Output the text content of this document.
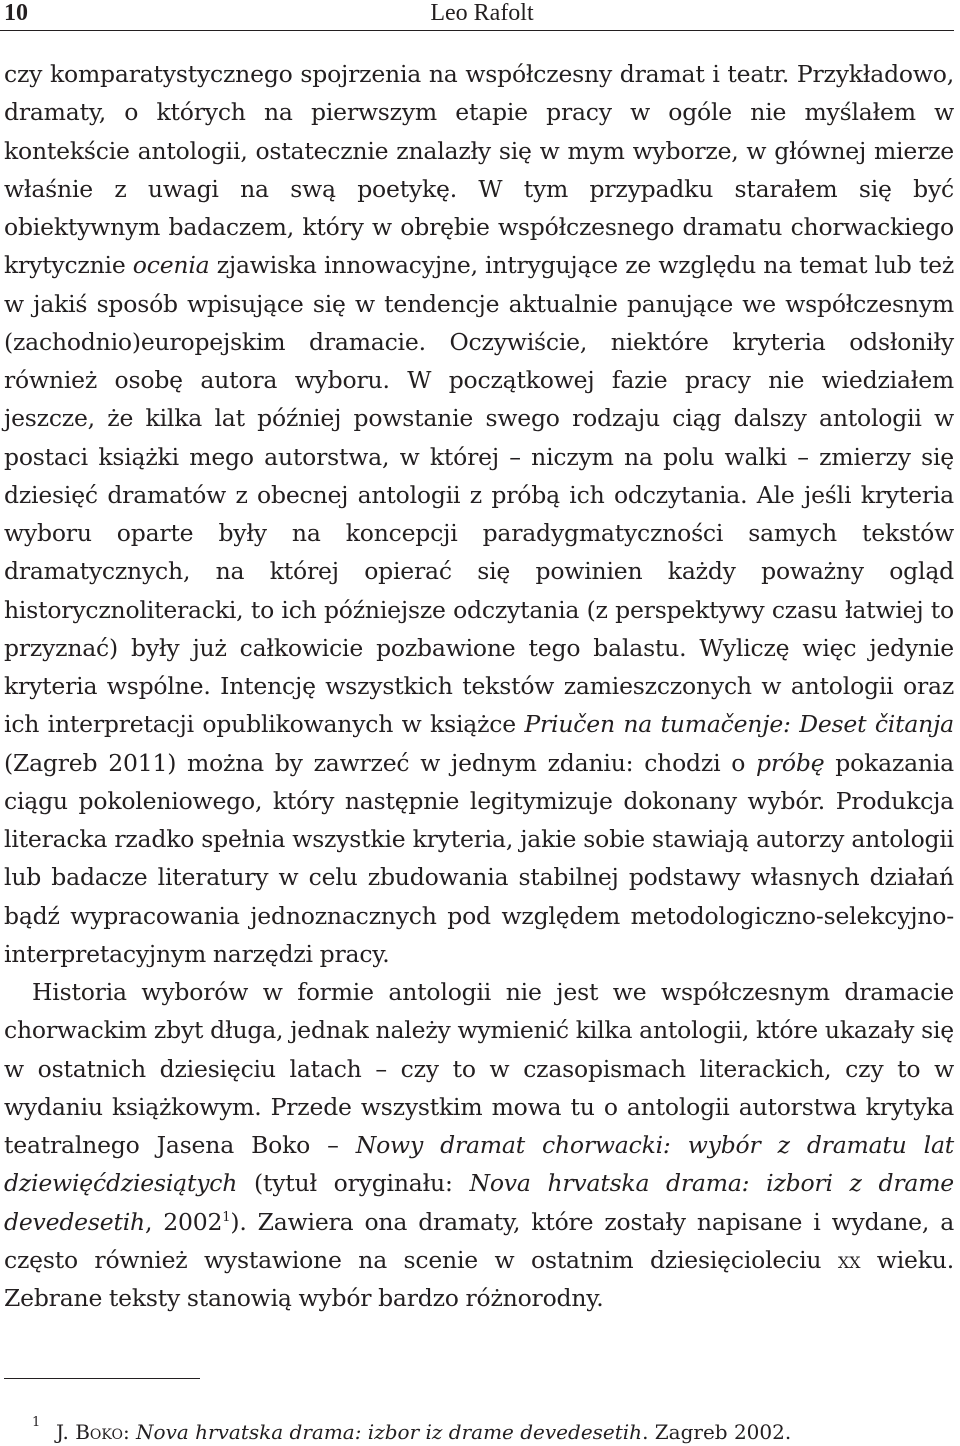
10	Leo Rafolt

czy komparatystycznego spojrzenia na współczesny dramat i teatr. Przykładowo, dramaty, o których na pierwszym etapie pracy w ogóle nie myślałem w kontekście antologii, ostatecznie znalazły się w mym wyborze, w głównej mierze właśnie z uwagi na swą poetykę. W tym przypadku starałem się być obiektywnym badaczem, który w obrębie współczesnego dramatu chorwackiego krytycznie ocenia zjawiska innowacyjne, intrygujące ze względu na temat lub też w jakiś sposób wpisujące się w tendencje aktualnie panujące we współczesnym (zachodnio)europejskim dramacie. Oczywiście, niektóre kryteria odsłoniły również osobę autora wyboru. W początkowej fazie pracy nie wiedziałem jeszcze, że kilka lat później powstanie swego rodzaju ciąg dalszy antologii w postaci książki mego autorstwa, w której – niczym na polu walki – zmierzy się dziesięć dramatów z obecnej antologii z próbą ich odczytania. Ale jeśli kryteria wyboru oparte były na koncepcji paradygmatyczności samych tekstów dramatycznych, na której opierać się powinien każdy poważny ogląd historycznoliteracki, to ich późniejsze odczytania (z perspektywy czasu łatwiej to przyznać) były już całkowicie pozbawione tego balastu. Wyliczę więc jedynie kryteria wspólne. Intencję wszystkich tekstów zamieszczonych w antologii oraz ich interpretacji opublikowanych w książce Priučen na tumačenje: Deset čitanja (Zagreb 2011) można by zawrzeć w jednym zdaniu: chodzi o próbę pokazania ciągu pokoleniowego, który następnie legitymizuje dokonany wybór. Produkcja literacka rzadko spełnia wszystkie kryteria, jakie sobie stawiają autorzy antologii lub badacze literatury w celu zbudowania stabilnej podstawy własnych działań bądź wypracowania jednoznacznych pod względem metodologiczno-selekcyjno-interpretacyjnym narzędzi pracy.

Historia wyborów w formie antologii nie jest we współczesnym dramacie chorwackim zbyt długa, jednak należy wymienić kilka antologii, które ukazały się w ostatnich dziesięciu latach – czy to w czasopismach literackich, czy to w wydaniu książkowym. Przede wszystkim mowa tu o antologii autorstwa krytyka teatralnego Jasena Boko – Nowy dramat chorwacki: wybór z dramatu lat dziewięćdziesiątych (tytuł oryginału: Nova hrvatska drama: izbori z drame devedesetih, 2002$^1$). Zawiera ona dramaty, które zostały napisane i wydane, a często również wystawione na scenie w ostatnim dziesięcioleciu xx wieku. Zebrane teksty stanowią wybór bardzo różnorodny.

1 J. Boko: Nova hrvatska drama: izbor iz drame devedesetih. Zagreb 2002.
